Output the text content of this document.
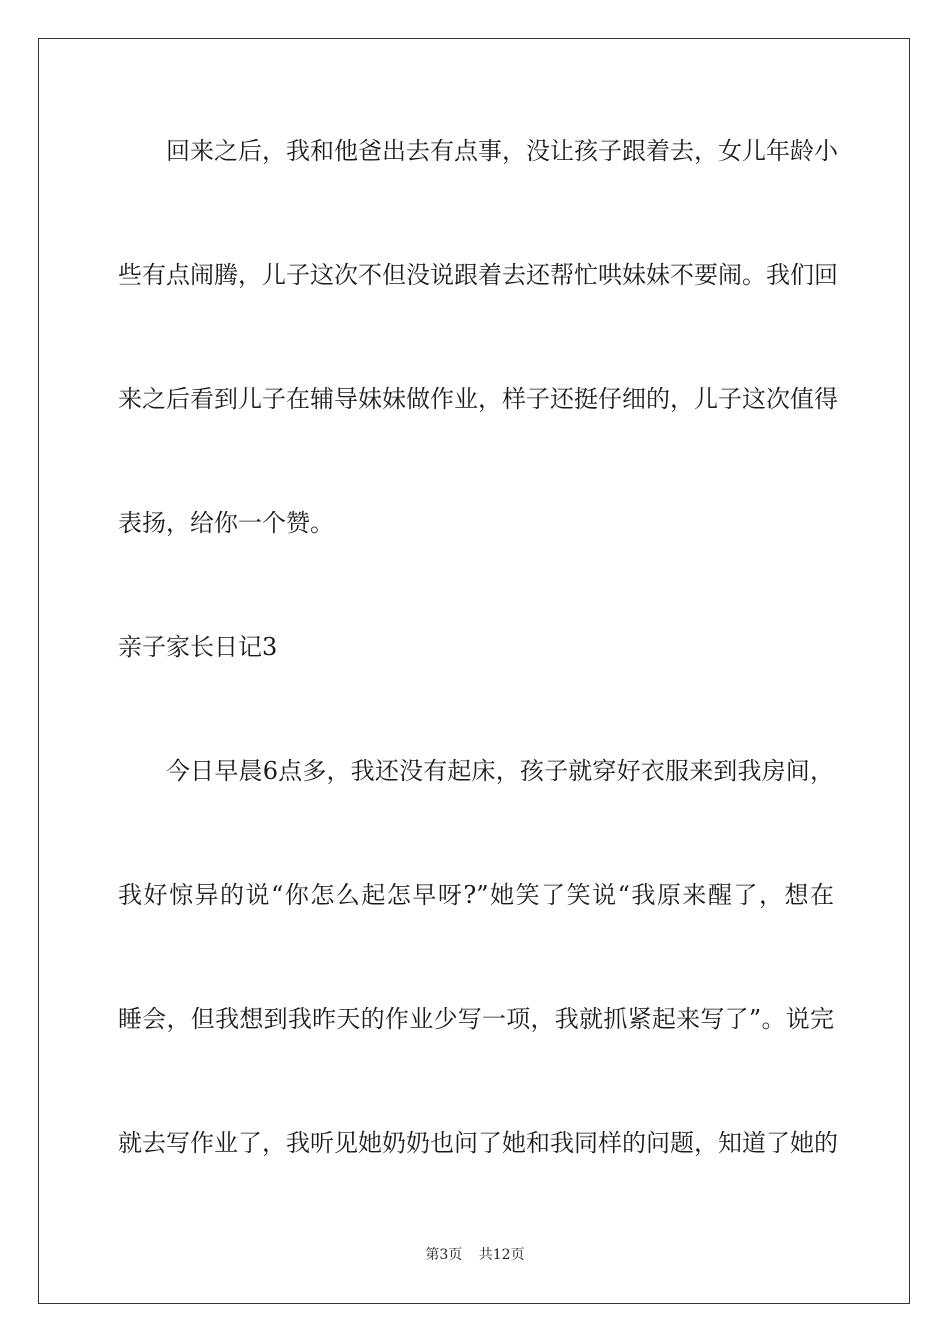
回来之后，我和他爸出去有点事，没让孩子跟着去，女儿年龄小
些有点闹腾，儿子这次不但没说跟着去还帮忙哄妹妹不要闹。我们回
来之后看到儿子在辅导妹妹做作业，样子还挺仔细的，儿子这次值得
表扬，给你一个赞。
亲子家长日记3
今日早晨6点多，我还没有起床，孩子就穿好衣服来到我房间，
我好惊异的说“你怎么起怎早呀?”她笑了笑说“我原来醒了，想在
睡会，但我想到我昨天的作业少写一项，我就抓紧起来写了”。说完
就去写作业了，我听见她奶奶也问了她和我同样的问题，知道了她的
第3页 共12页
